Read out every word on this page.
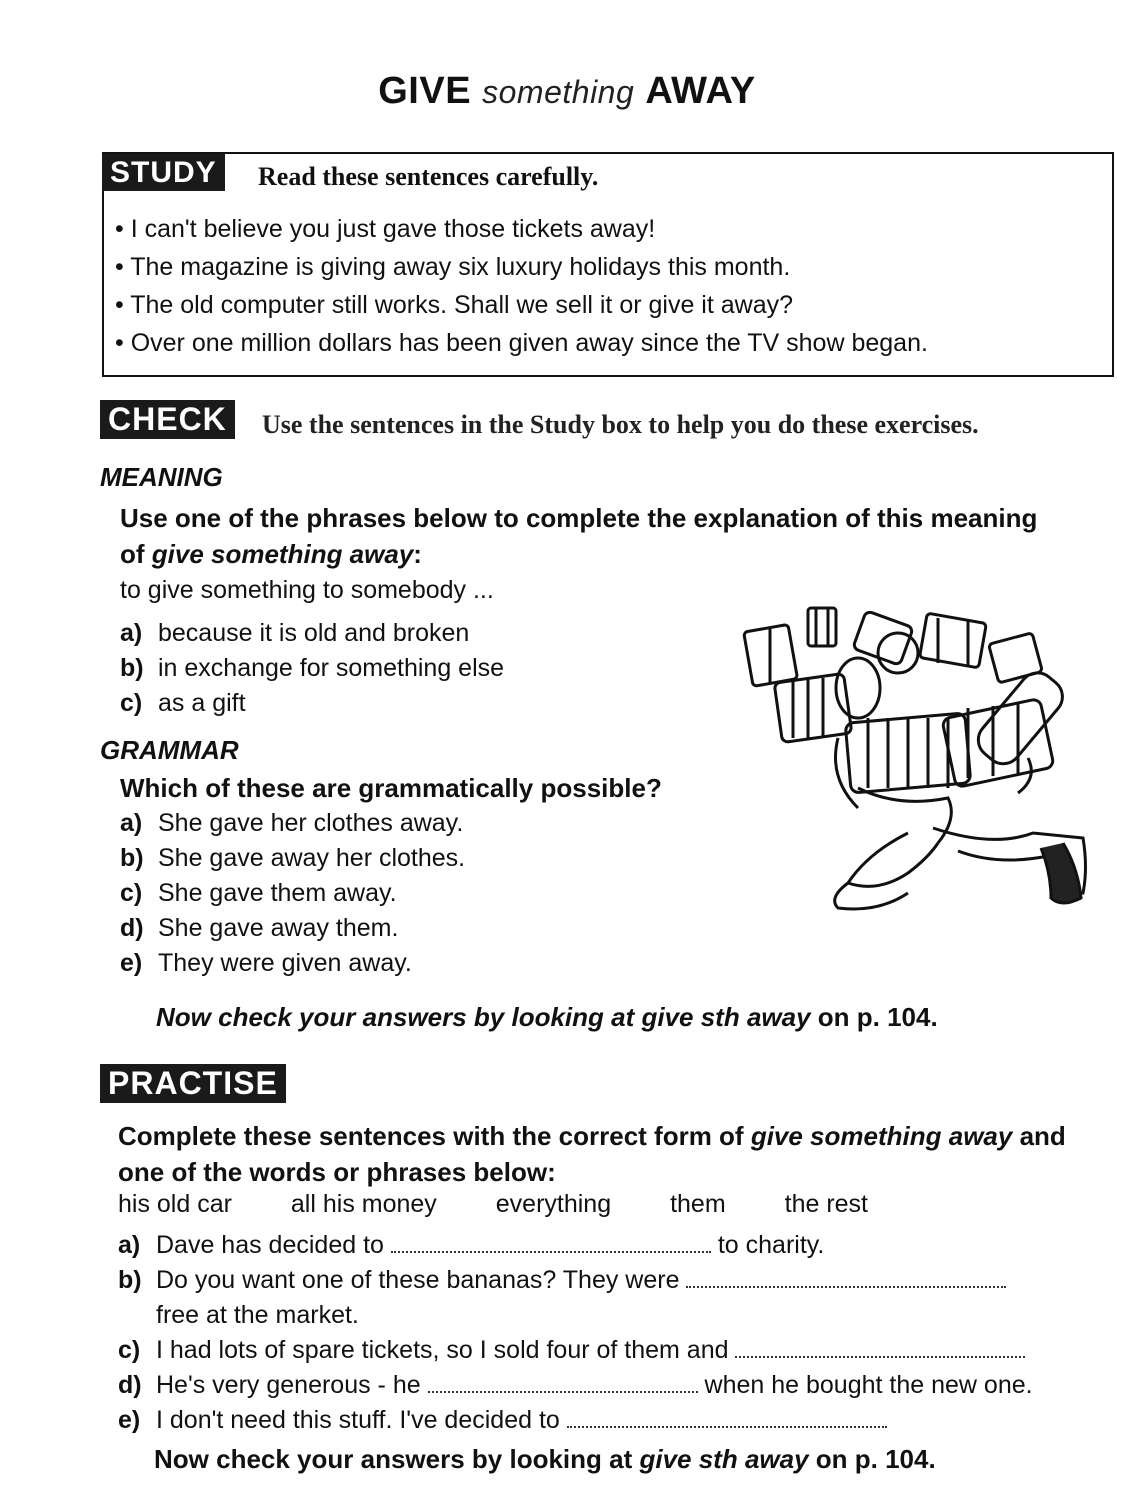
GIVE something AWAY
STUDY	Read these sentences carefully.
• I can't believe you just gave those tickets away!
• The magazine is giving away six luxury holidays this month.
• The old computer still works. Shall we sell it or give it away?
• Over one million dollars has been given away since the TV show began.
CHECK	Use the sentences in the Study box to help you do these exercises.
MEANING
Use one of the phrases below to complete the explanation of this meaning of give something away:
to give something to somebody ...
a) because it is old and broken
b) in exchange for something else
c) as a gift
GRAMMAR
Which of these are grammatically possible?
a) She gave her clothes away.
b) She gave away her clothes.
c) She gave them away.
d) She gave away them.
e) They were given away.
Now check your answers by looking at give sth away on p. 104.
PRACTISE
Complete these sentences with the correct form of give something away and one of the words or phrases below:
his old car all his money everything them the rest
a) Dave has decided to	to charity.
b) Do you want one of these bananas? They were
free at the market.
c) I had lots of spare tickets, so I sold four of them and
d) He's very generous - he	when he bought the new one.
e) I don't need this stuff. I've decided to
Now check your answers by looking at give sth away on p. 104.
